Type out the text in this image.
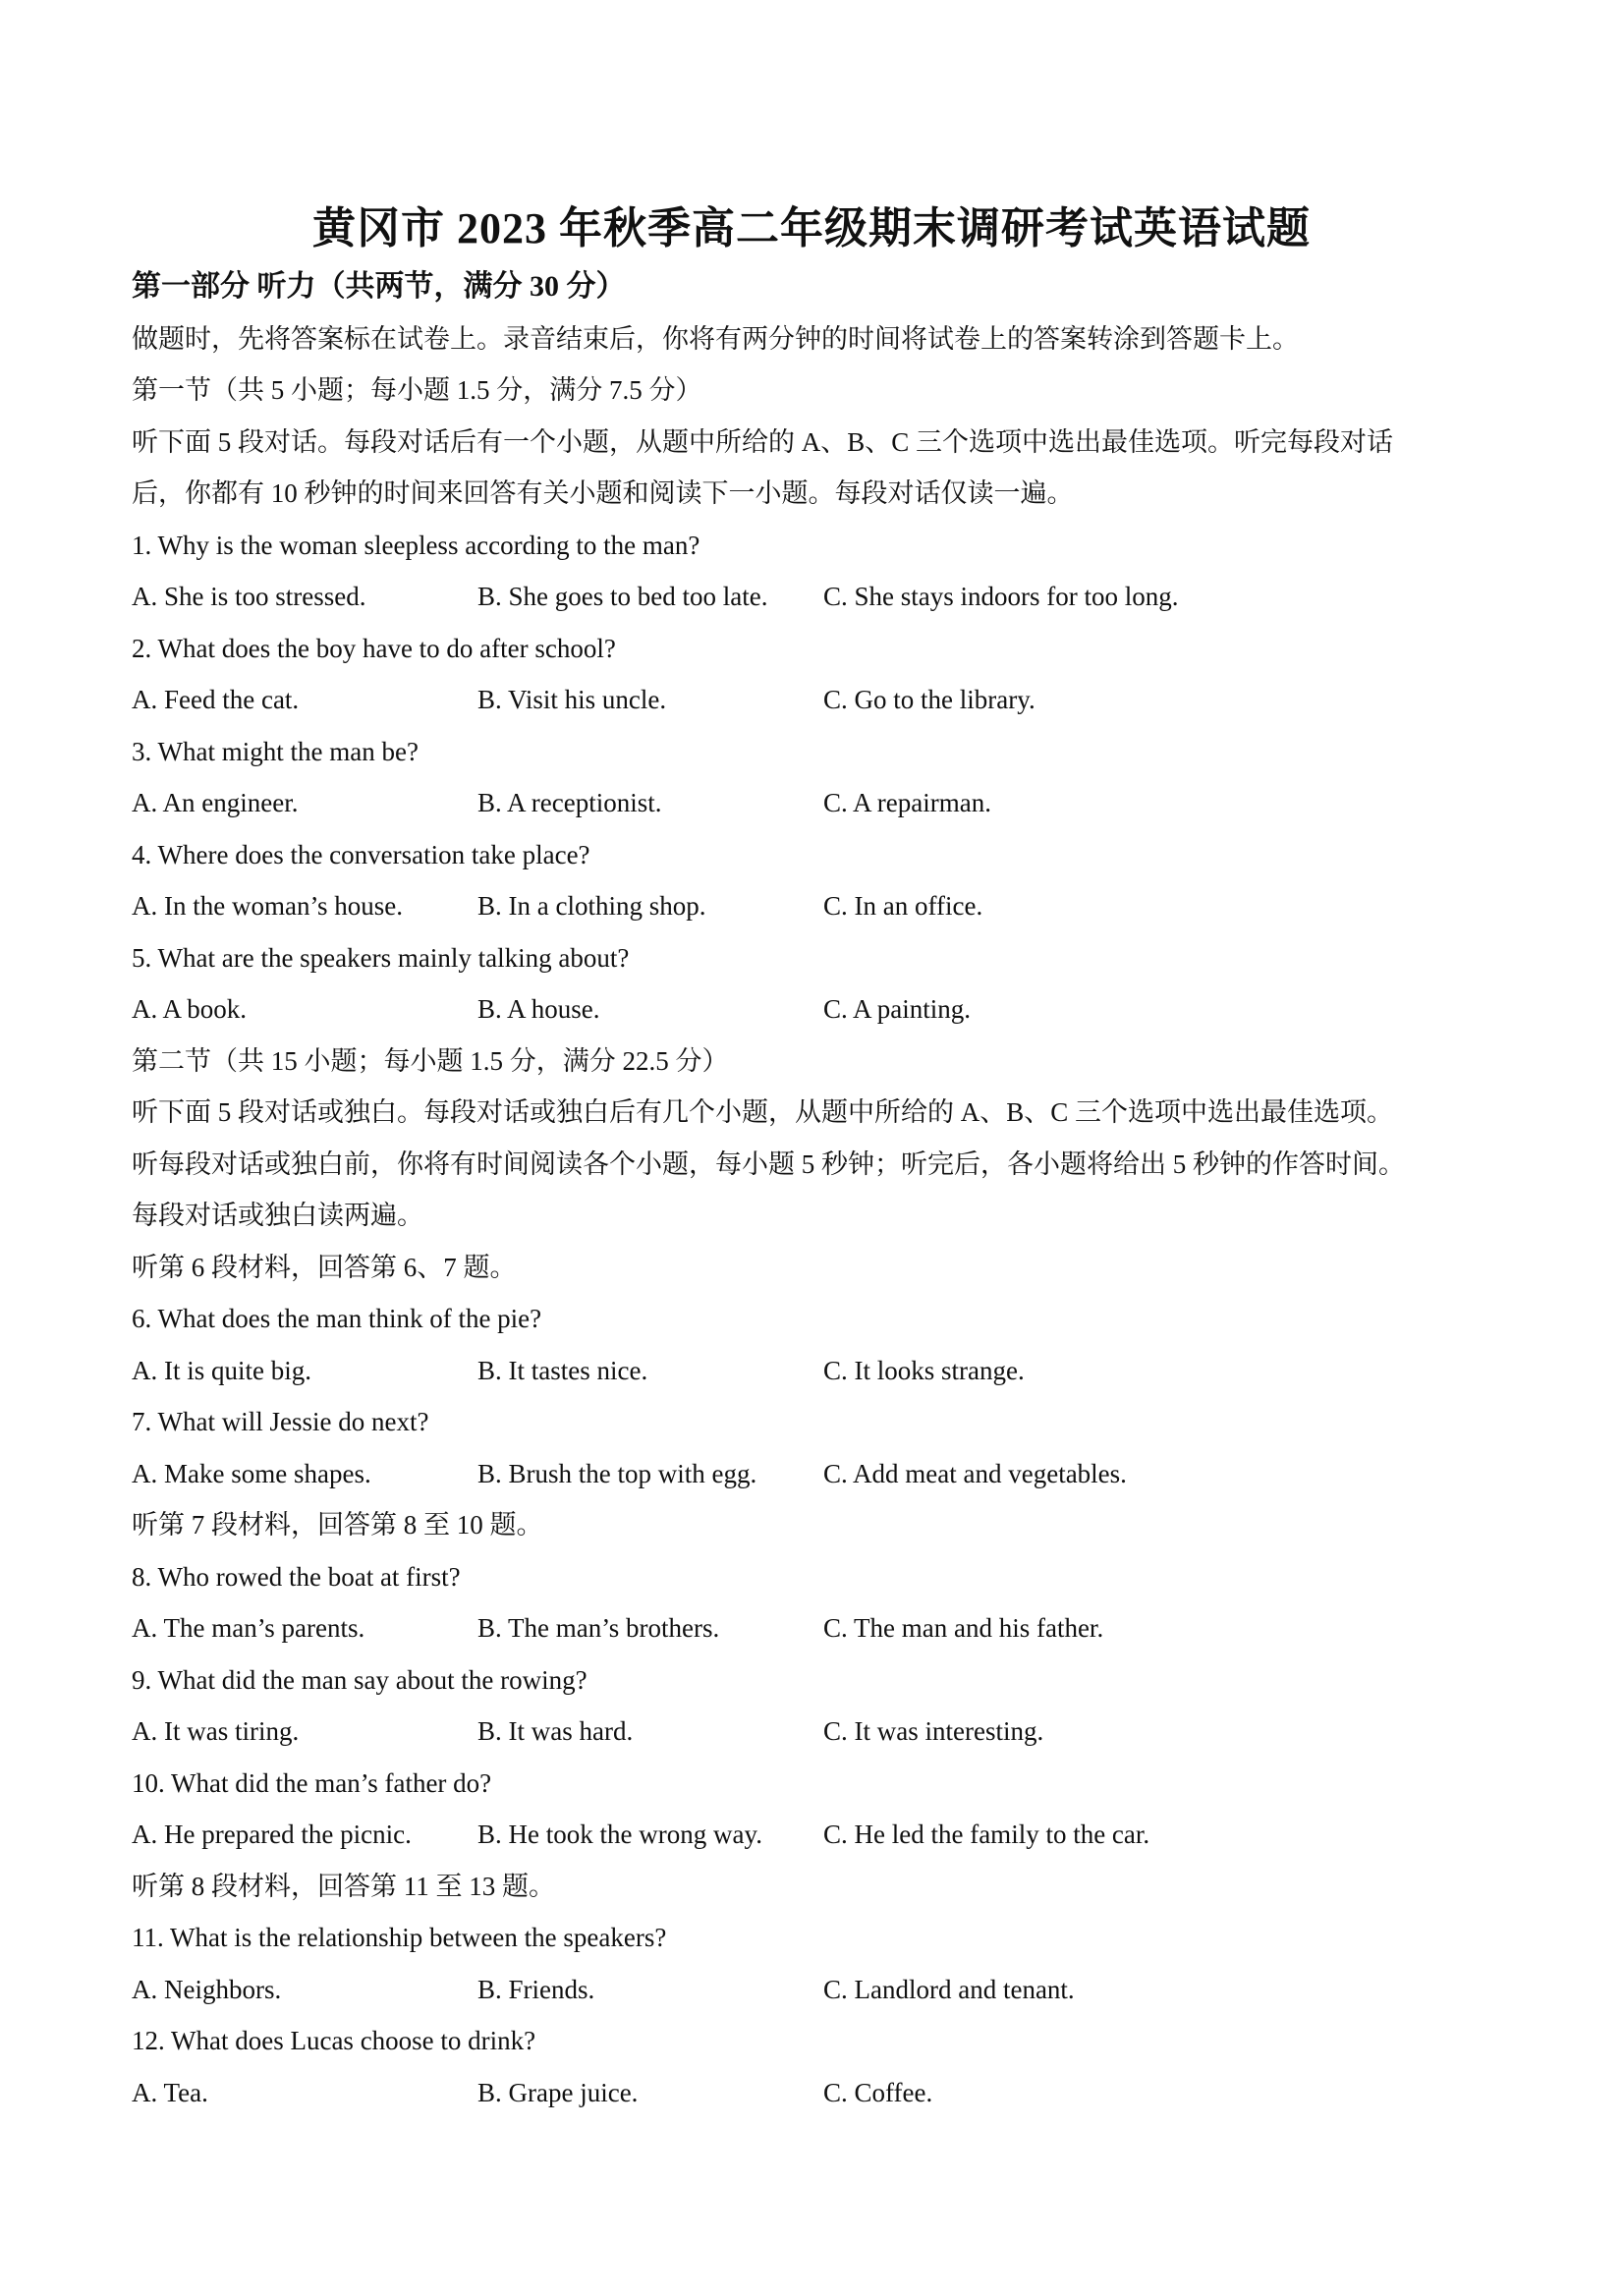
黄冈市 2023 年秋季高二年级期末调研考试英语试题
第一部分 听力（共两节，满分 30 分）
做题时，先将答案标在试卷上。录音结束后，你将有两分钟的时间将试卷上的答案转涂到答题卡上。
第一节（共 5 小题；每小题 1.5 分，满分 7.5 分）
听下面 5 段对话。每段对话后有一个小题，从题中所给的 A、B、C 三个选项中选出最佳选项。听完每段对话
后，你都有 10 秒钟的时间来回答有关小题和阅读下一小题。每段对话仅读一遍。
1. Why is the woman sleepless according to the man?
A. She is too stressed.	B. She goes to bed too late.	C. She stays indoors for too long.
2. What does the boy have to do after school?
A. Feed the cat.	B. Visit his uncle.	C. Go to the library.
3. What might the man be?
A. An engineer.	B. A receptionist.	C. A repairman.
4. Where does the conversation take place?
A. In the woman’s house.	B. In a clothing shop.	C. In an office.
5. What are the speakers mainly talking about?
A. A book.	B. A house.	C. A painting.
第二节（共 15 小题；每小题 1.5 分，满分 22.5 分）
听下面 5 段对话或独白。每段对话或独白后有几个小题，从题中所给的 A、B、C 三个选项中选出最佳选项。
听每段对话或独白前，你将有时间阅读各个小题，每小题 5 秒钟；听完后，各小题将给出 5 秒钟的作答时间。
每段对话或独白读两遍。
听第 6 段材料，回答第 6、7 题。
6. What does the man think of the pie?
A. It is quite big.	B. It tastes nice.	C. It looks strange.
7. What will Jessie do next?
A. Make some shapes.	B. Brush the top with egg.	C. Add meat and vegetables.
听第 7 段材料，回答第 8 至 10 题。
8. Who rowed the boat at first?
A. The man’s parents.	B. The man’s brothers.	C. The man and his father.
9. What did the man say about the rowing?
A. It was tiring.	B. It was hard.	C. It was interesting.
10. What did the man’s father do?
A. He prepared the picnic.	B. He took the wrong way.	C. He led the family to the car.
听第 8 段材料，回答第 11 至 13 题。
11. What is the relationship between the speakers?
A. Neighbors.	B. Friends.	C. Landlord and tenant.
12. What does Lucas choose to drink?
A. Tea.	B. Grape juice.	C. Coffee.
